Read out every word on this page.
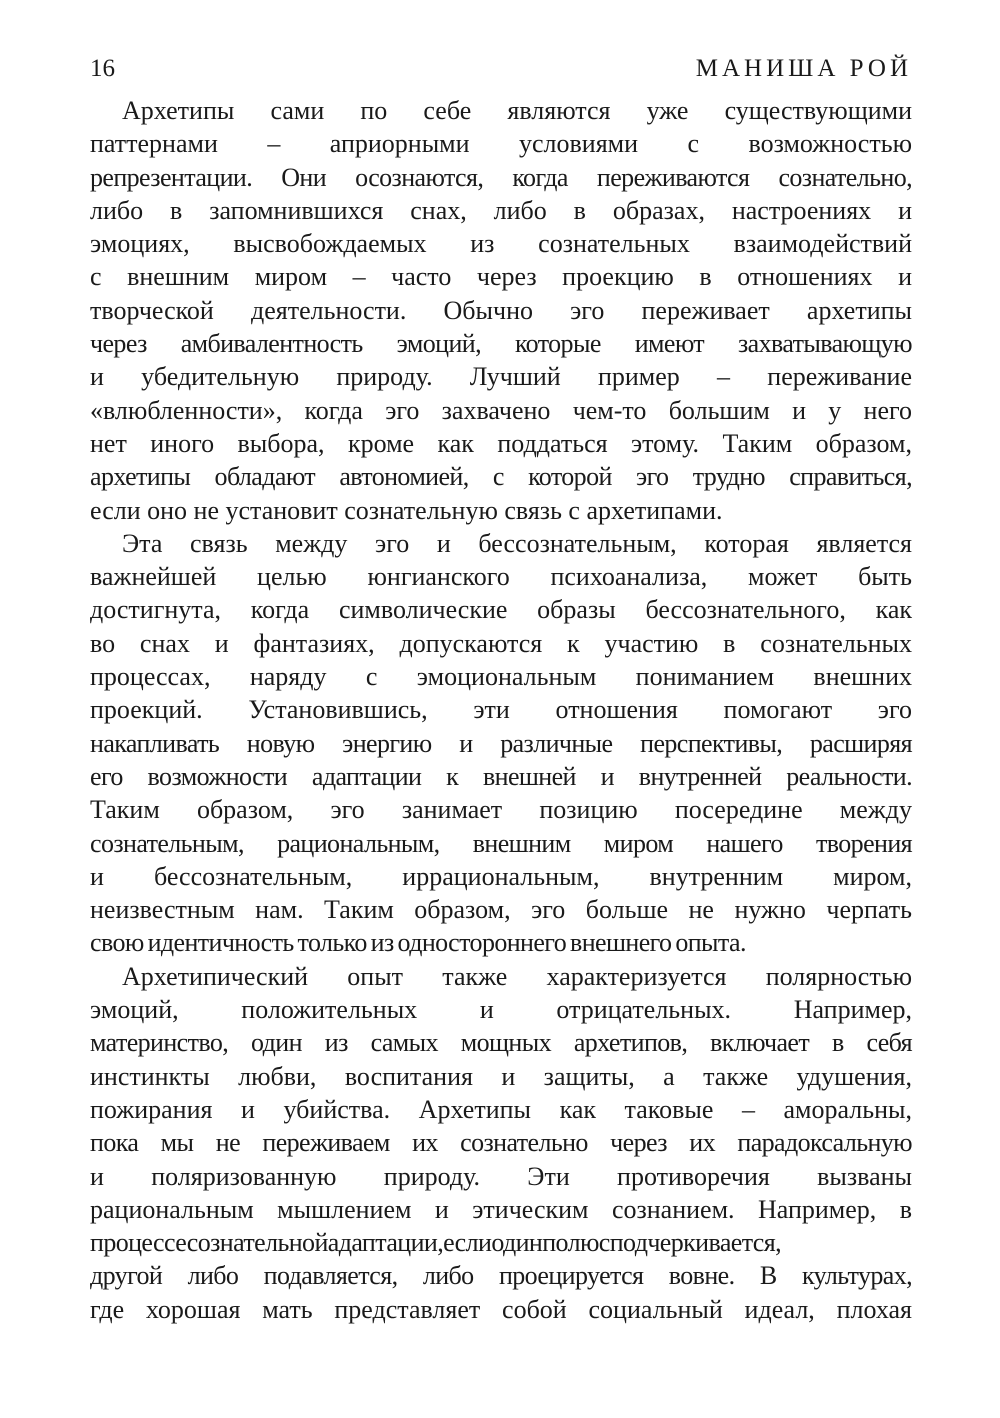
16	МАНИША РОЙ
Архетипы сами по себе являются уже существующими
паттернами – априорными условиями с возможностью
репрезентации. Они осознаются, когда переживаются сознательно,
либо в запомнившихся снах, либо в образах, настроениях и
эмоциях, высвобождаемых из сознательных взаимодействий
с внешним миром – часто через проекцию в отношениях и
творческой деятельности. Обычно эго переживает архетипы
через амбивалентность эмоций, которые имеют захватывающую
и убедительную природу. Лучший пример – переживание
«влюбленности», когда эго захвачено чем-то большим и у него
нет иного выбора, кроме как поддаться этому. Таким образом,
архетипы обладают автономией, с которой эго трудно справиться,
если оно не установит сознательную связь с архетипами.
Эта связь между эго и бессознательным, которая является
важнейшей целью юнгианского психоанализа, может быть
достигнута, когда символические образы бессознательного, как
во снах и фантазиях, допускаются к участию в сознательных
процессах, наряду с эмоциональным пониманием внешних
проекций. Установившись, эти отношения помогают эго
накапливать новую энергию и различные перспективы, расширяя
его возможности адаптации к внешней и внутренней реальности.
Таким образом, эго занимает позицию посередине между
сознательным, рациональным, внешним миром нашего творения
и бессознательным, иррациональным, внутренним миром,
неизвестным нам. Таким образом, эго больше не нужно черпать
свою идентичность только из одностороннего внешнего опыта.
Архетипический опыт также характеризуется полярностью
эмоций, положительных и отрицательных. Например,
материнство, один из самых мощных архетипов, включает в себя
инстинкты любви, воспитания и защиты, а также удушения,
пожирания и убийства. Архетипы как таковые – аморальны,
пока мы не переживаем их сознательно через их парадоксальную
и поляризованную природу. Эти противоречия вызваны
рациональным мышлением и этическим сознанием. Например, в
процессесознательнойадаптации,еслиодинполюсподчеркивается,
другой либо подавляется, либо проецируется вовне. В культурах,
где хорошая мать представляет собой социальный идеал, плохая
